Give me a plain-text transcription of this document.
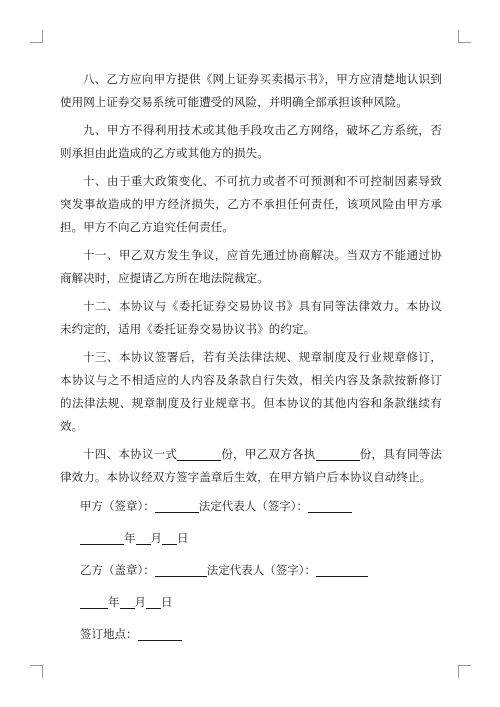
八、乙方应向甲方提供《网上证券买卖揭示书》，甲方应清楚地认识到使用网上证券交易系统可能遭受的风险，并明确全部承担该种风险。

九、甲方不得利用技术或其他手段攻击乙方网络，破坏乙方系统，否则承担由此造成的乙方或其他方的损失。

十、由于重大政策变化、不可抗力或者不可预测和不可控制因素导致突发事故造成的甲方经济损失，乙方不承担任何责任，该项风险由甲方承担。甲方不向乙方追究任何责任。

十一、甲乙双方发生争议，应首先通过协商解决。当双方不能通过协商解决时，应提请乙方所在地法院裁定。

十二、本协议与《委托证券交易协议书》具有同等法律效力。本协议未约定的，适用《委托证券交易协议书》的约定。

十三、本协议签署后，若有关法律法规、规章制度及行业规章修订，本协议与之不相适应的人内容及条款自行失效，相关内容及条款按新修订的法律法规、规章制度及行业规章书。但本协议的其他内容和条款继续有效。

十四、本协议一式	份，甲乙双方各执	份，具有同等法律效力。本协议经双方签字盖章后生效，在甲方销户后本协议自动终止。

甲方（签章）：	法定代表人（签字）：
年 月 日
乙方（盖章）：	法定代表人（签字）：
年 月 日
签订地点：
